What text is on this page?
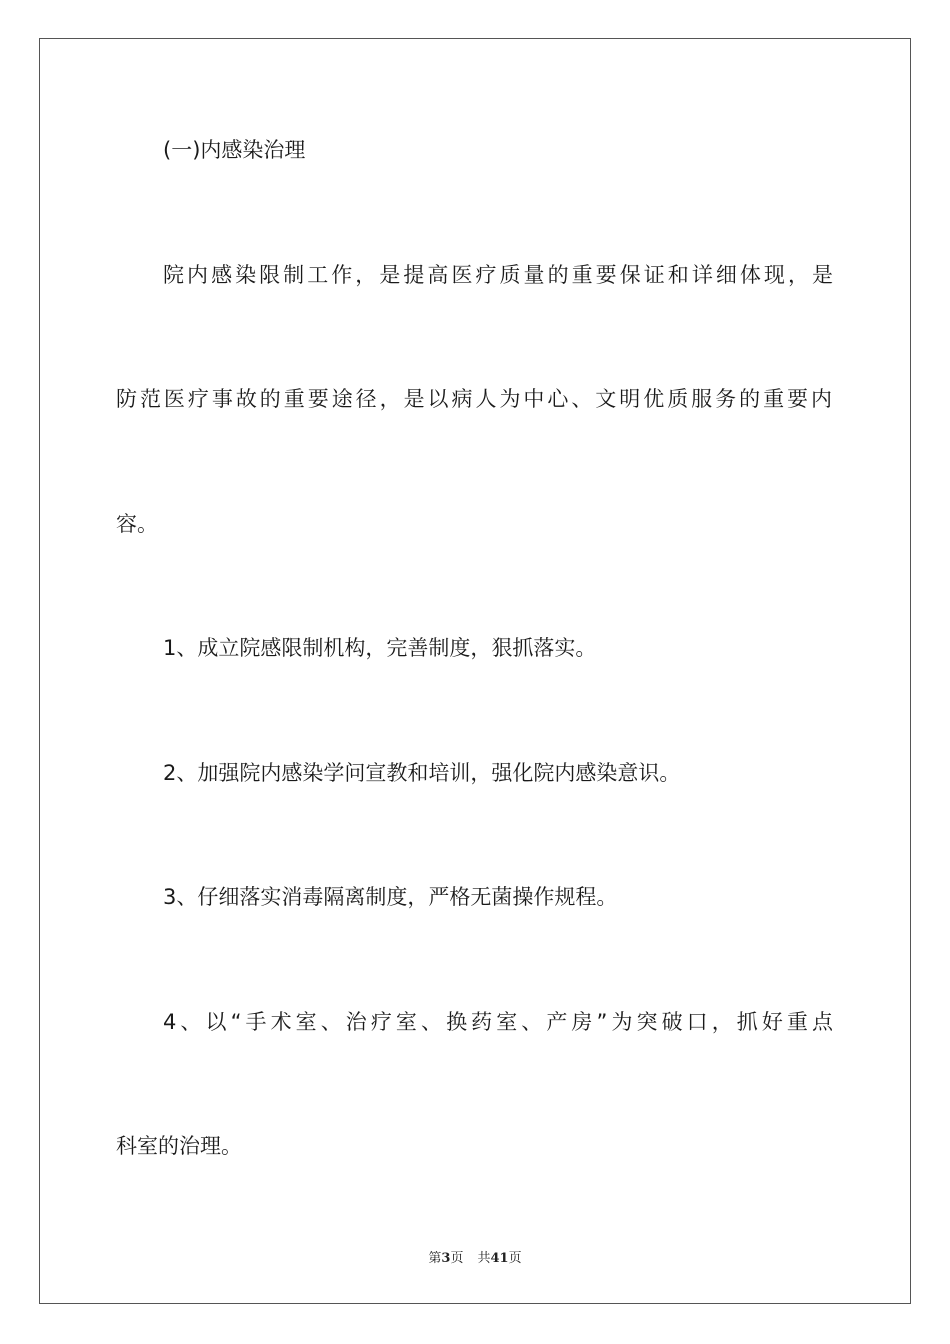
(一)内感染治理
院内感染限制工作，是提高医疗质量的重要保证和详细体现，是
防范医疗事故的重要途径，是以病人为中心、文明优质服务的重要内
容。
1、成立院感限制机构，完善制度，狠抓落实。
2、加强院内感染学问宣教和培训，强化院内感染意识。
3、仔细落实消毒隔离制度，严格无菌操作规程。
4、以“手术室、治疗室、换药室、产房”为突破口，抓好重点
科室的治理。
第3页 共41页
